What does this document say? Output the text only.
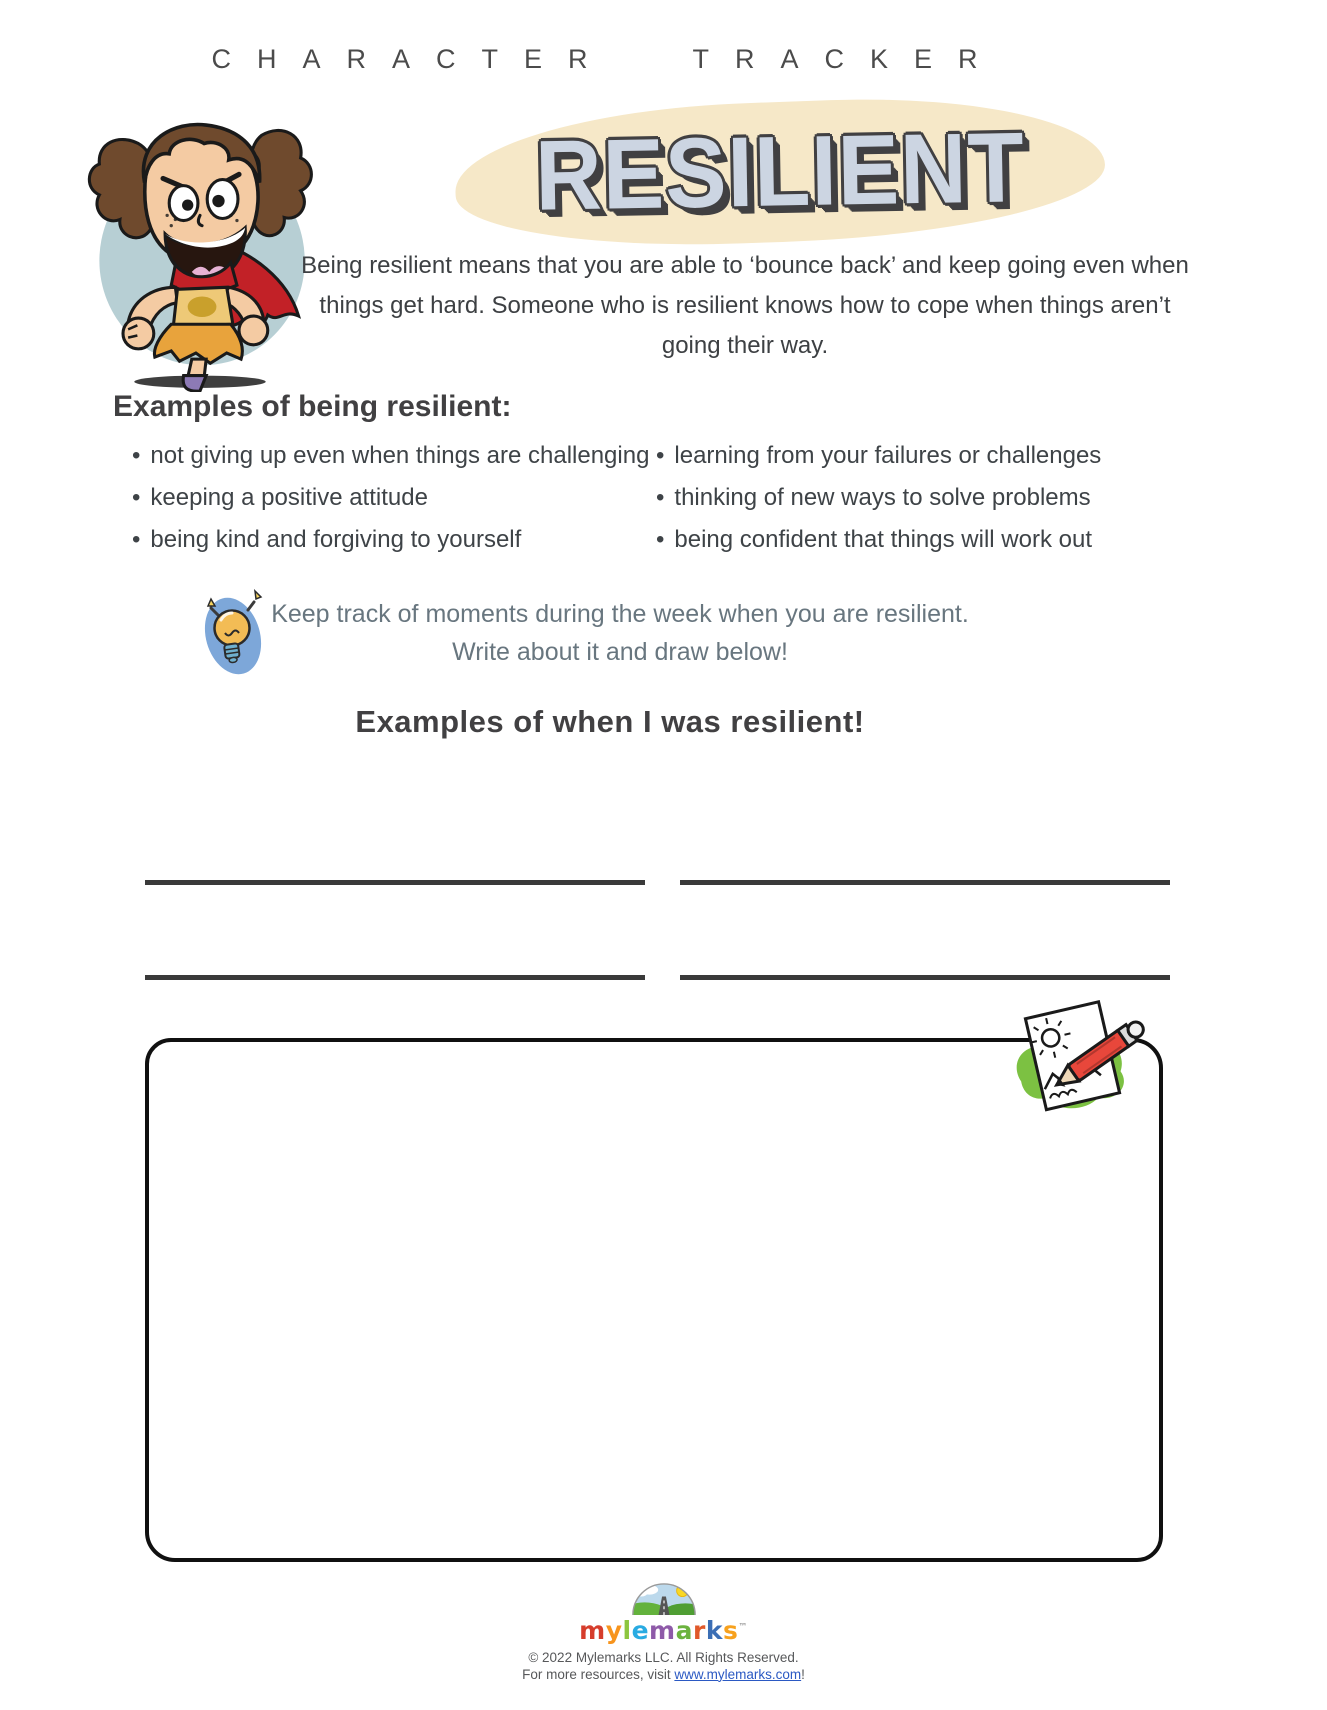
CHARACTER TRACKER
RESILIENT
Being resilient means that you are able to ‘bounce back’ and keep going even when
things get hard. Someone who is resilient knows how to cope when things aren’t
going their way.
Examples of being resilient:
• not giving up even when things are challenging
• keeping a positive attitude
• being kind and forgiving to yourself
• learning from your failures or challenges
• thinking of new ways to solve problems
• being confident that things will work out
Keep track of moments during the week when you are resilient.
Write about it and draw below!
Examples of when I was resilient!
mylemarks™
© 2022 Mylemarks LLC. All Rights Reserved.
For more resources, visit www.mylemarks.com!
